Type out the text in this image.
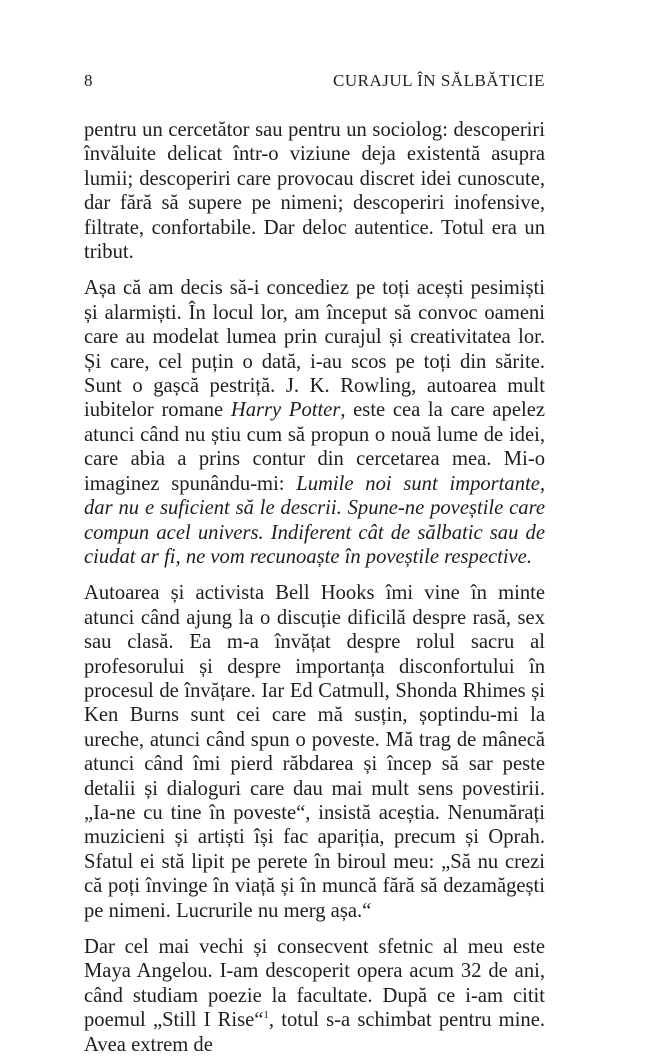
8	CURAJUL ÎN SĂLBĂTICIE

pentru un cercetător sau pentru un sociolog: descoperiri învăluite delicat într-o viziune deja existentă asupra lumii; descoperiri care provocau discret idei cunoscute, dar fără să supere pe nimeni; descoperiri inofensive, filtrate, confortabile. Dar deloc autentice. Totul era un tribut.

Așa că am decis să-i concediez pe toți acești pesimiști și alarmiști. În locul lor, am început să convoc oameni care au modelat lumea prin curajul și creativitatea lor. Și care, cel puțin o dată, i-au scos pe toți din sărite. Sunt o gașcă pestriță. J. K. Rowling, autoarea mult iubitelor romane Harry Potter, este cea la care apelez atunci când nu știu cum să propun o nouă lume de idei, care abia a prins contur din cercetarea mea. Mi-o imaginez spunându-mi: Lumile noi sunt importante, dar nu e suficient să le descrii. Spune-ne poveștile care compun acel univers. Indiferent cât de sălbatic sau de ciudat ar fi, ne vom recunoaște în poveștile respective.

Autoarea și activista Bell Hooks îmi vine în minte atunci când ajung la o discuție dificilă despre rasă, sex sau clasă. Ea m-a învățat despre rolul sacru al profesorului și despre importanța disconfortului în procesul de învățare. Iar Ed Catmull, Shonda Rhimes și Ken Burns sunt cei care mă susțin, șoptindu-mi la ureche, atunci când spun o poveste. Mă trag de mânecă atunci când îmi pierd răbdarea și încep să sar peste detalii și dialoguri care dau mai mult sens povestirii. „Ia-ne cu tine în poveste“, insistă aceștia. Nenumărați muzicieni și artiști își fac apariția, precum și Oprah. Sfatul ei stă lipit pe perete în biroul meu: „Să nu crezi că poți învinge în viață și în muncă fără să dezamăgești pe nimeni. Lucrurile nu merg așa.“

Dar cel mai vechi și consecvent sfetnic al meu este Maya Angelou. I-am descoperit opera acum 32 de ani, când studiam poezie la facultate. După ce i-am citit poemul „Still I Rise“$^1$, totul s-a schimbat pentru mine. Avea extrem de
